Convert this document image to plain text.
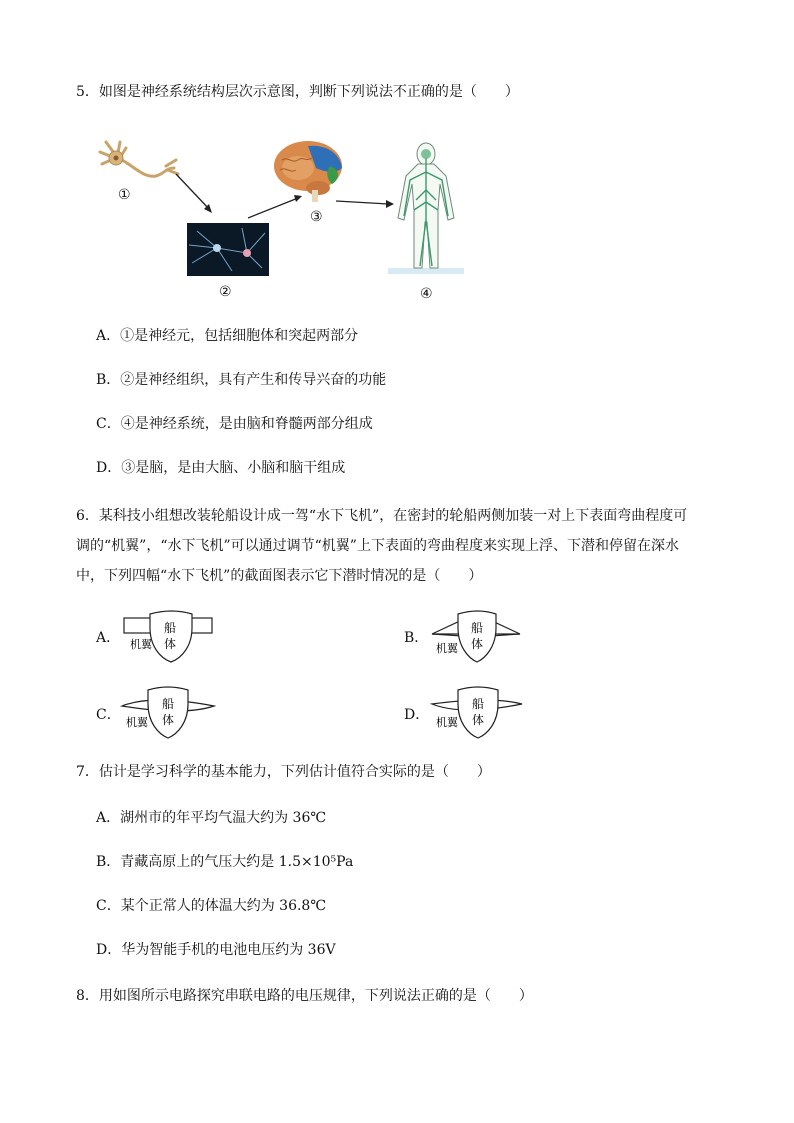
5．如图是神经系统结构层次示意图，判断下列说法不正确的是（　　）
①
②
③
④
A．①是神经元，包括细胞体和突起两部分
B．②是神经组织，具有产生和传导兴奋的功能
C．④是神经系统，是由脑和脊髓两部分组成
D．③是脑，是由大脑、小脑和脑干组成
6．某科技小组想改装轮船设计成一驾“水下飞机”，在密封的轮船两侧加装一对上下表面弯曲程度可
调的“机翼”，“水下飞机”可以通过调节“机翼”上下表面的弯曲程度来实现上浮、下潜和停留在深水
中，下列四幅“水下飞机”的截面图表示它下潜时情况的是（　　）
A．
船
体
机翼	B．
船
体
机翼
C．
船
体
机翼	D．
船
体
机翼
7．估计是学习科学的基本能力，下列估计值符合实际的是（　　）
A．湖州市的年平均气温大约为 36℃
B．青藏高原上的气压大约是 1.5×10⁵Pa
C．某个正常人的体温大约为 36.8℃
D．华为智能手机的电池电压约为 36V
8．用如图所示电路探究串联电路的电压规律，下列说法正确的是（　　）
